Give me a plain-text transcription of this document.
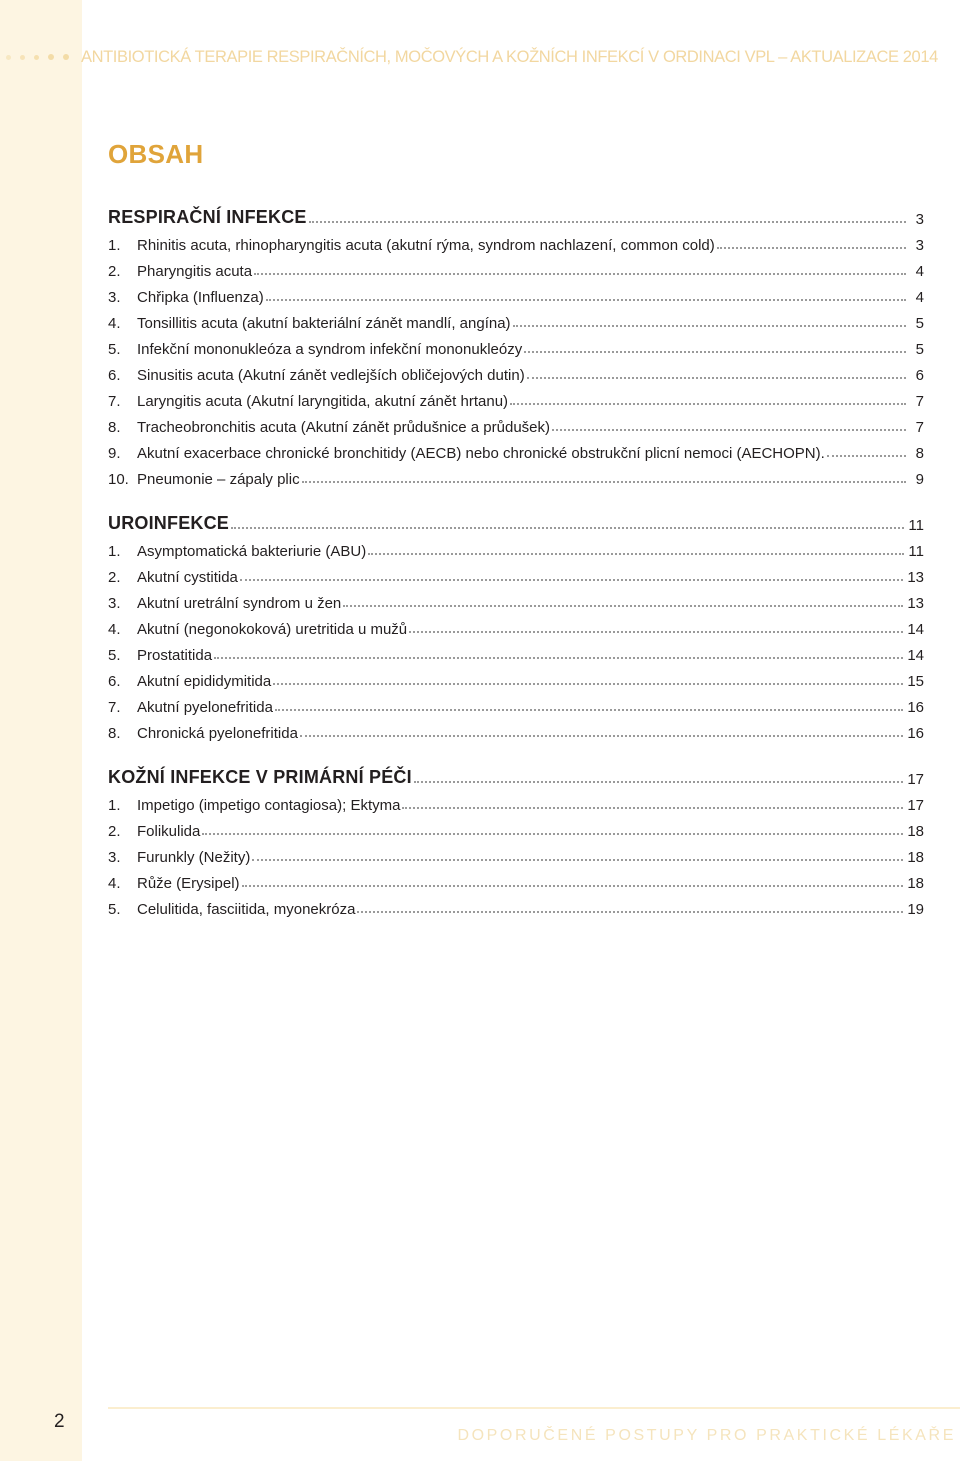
ANTIBIOTICKÁ TERAPIE RESPIRAČNÍCH, MOČOVÝCH A KOŽNÍCH INFEKCÍ V ORDINACI VPL – AKTUALIZACE 2014
OBSAH
RESPIRAČNÍ INFEKCE	3
1.	Rhinitis acuta, rhinopharyngitis acuta (akutní rýma, syndrom nachlazení, common cold)	3
2.	Pharyngitis acuta	4
3.	Chřipka (Influenza)	4
4.	Tonsillitis acuta (akutní bakteriální zánět mandlí, angína)	5
5.	Infekční mononukleóza a syndrom infekční mononukleózy	5
6.	Sinusitis acuta (Akutní zánět vedlejších obličejových dutin)	6
7.	Laryngitis acuta (Akutní laryngitida, akutní zánět hrtanu)	7
8.	Tracheobronchitis acuta (Akutní zánět průdušnice a průdušek)	7
9.	Akutní exacerbace chronické bronchitidy (AECB) nebo chronické obstrukční plicní nemoci (AECHOPN).	8
10. Pneumonie – zápaly plic	9
UROINFEKCE	11
1.	Asymptomatická bakteriurie (ABU)	11
2.	Akutní cystitida	13
3.	Akutní uretrální syndrom u žen	13
4.	Akutní (negonokoková) uretritida u mužů	14
5.	Prostatitida	14
6.	Akutní epididymitida	15
7.	Akutní pyelonefritida	16
8.	Chronická pyelonefritida	16
KOŽNÍ INFEKCE V PRIMÁRNÍ PÉČI	17
1.	Impetigo (impetigo contagiosa); Ektyma	17
2.	Folikulida	18
3.	Furunkly (Nežity)	18
4.	Růže (Erysipel)	18
5.	Celulitida, fasciitida, myonekróza	19
2
DOPORUČENÉ POSTUPY PRO PRAKTICKÉ LÉKAŘE
